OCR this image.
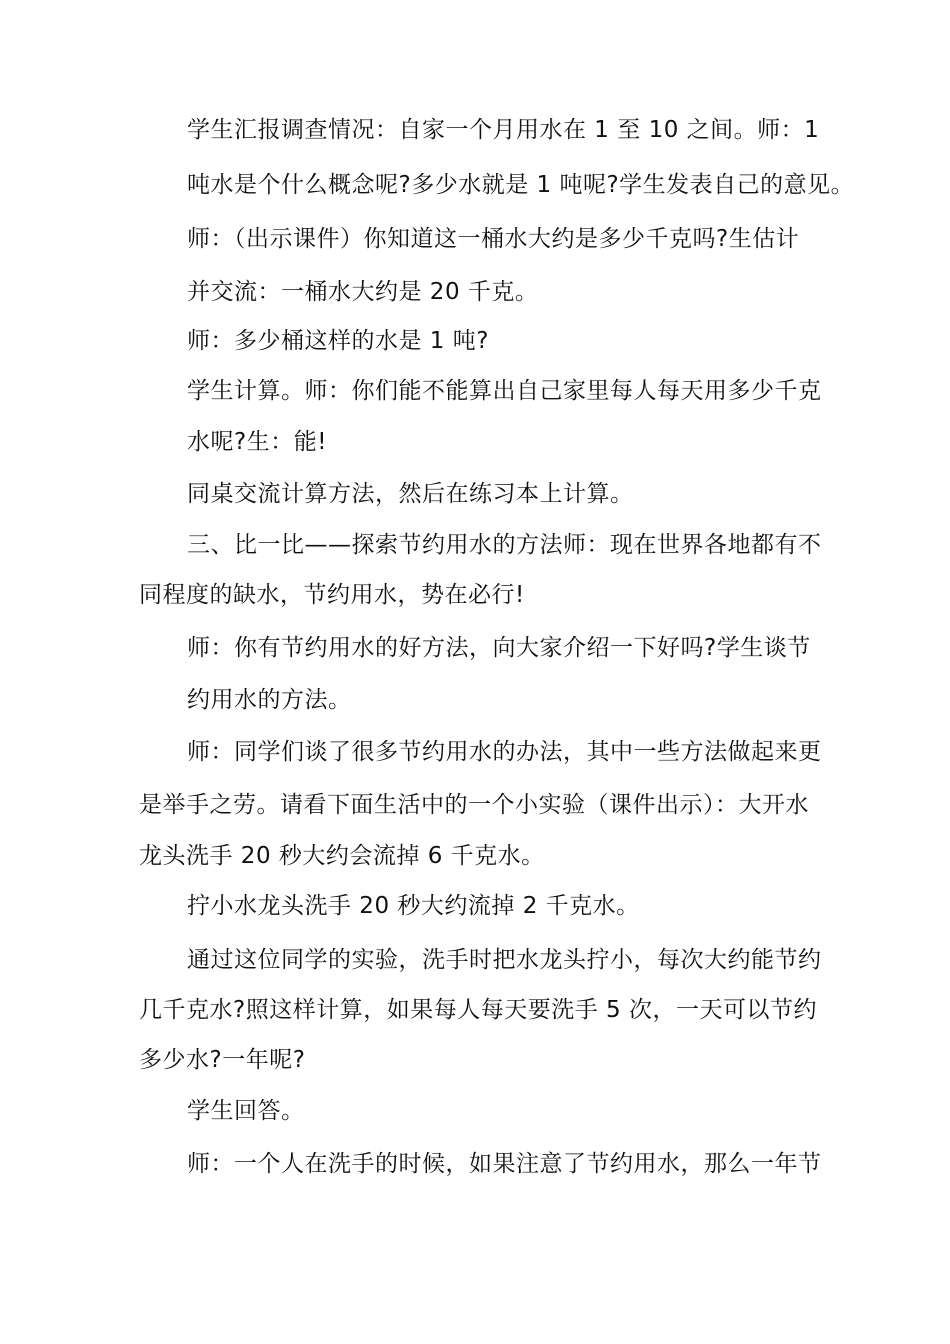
学生汇报调查情况：自家一个月用水在 1 至 10 之间。师：1
吨水是个什么概念呢?多少水就是 1 吨呢?学生发表自己的意见。
师：（出示课件）你知道这一桶水大约是多少千克吗?生估计
并交流：一桶水大约是 20 千克。
师：多少桶这样的水是 1 吨?
学生计算。师：你们能不能算出自己家里每人每天用多少千克
水呢?生：能!
同桌交流计算方法，然后在练习本上计算。
三、比一比——探索节约用水的方法师：现在世界各地都有不
同程度的缺水，节约用水，势在必行!
师：你有节约用水的好方法，向大家介绍一下好吗?学生谈节
约用水的方法。
师：同学们谈了很多节约用水的办法，其中一些方法做起来更
是举手之劳。请看下面生活中的一个小实验（课件出示）：大开水
龙头洗手 20 秒大约会流掉 6 千克水。
拧小水龙头洗手 20 秒大约流掉 2 千克水。
通过这位同学的实验，洗手时把水龙头拧小，每次大约能节约
几千克水?照这样计算，如果每人每天要洗手 5 次，一天可以节约
多少水?一年呢?
学生回答。
师：一个人在洗手的时候，如果注意了节约用水，那么一年节
